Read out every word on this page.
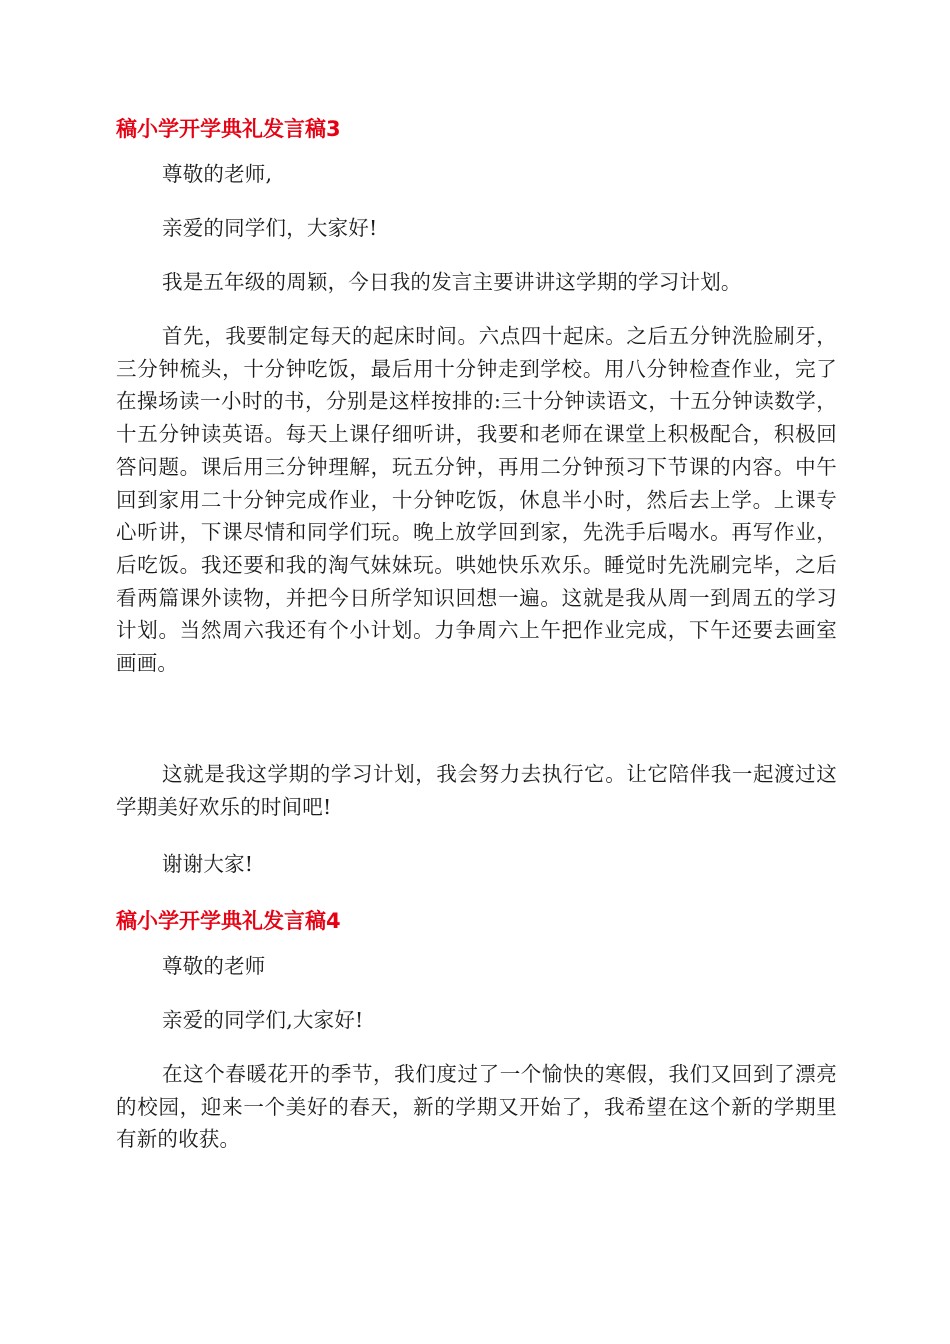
稿小学开学典礼发言稿3
尊敬的老师,
亲爱的同学们，大家好!
我是五年级的周颖，今日我的发言主要讲讲这学期的学习计划。
首先，我要制定每天的起床时间。六点四十起床。之后五分钟洗脸刷牙，三分钟梳头，十分钟吃饭，最后用十分钟走到学校。用八分钟检查作业，完了在操场读一小时的书，分别是这样按排的:三十分钟读语文，十五分钟读数学，十五分钟读英语。每天上课仔细听讲，我要和老师在课堂上积极配合，积极回答问题。课后用三分钟理解，玩五分钟，再用二分钟预习下节课的内容。中午回到家用二十分钟完成作业，十分钟吃饭，休息半小时，然后去上学。上课专心听讲，下课尽情和同学们玩。晚上放学回到家，先洗手后喝水。再写作业，后吃饭。我还要和我的淘气妹妹玩。哄她快乐欢乐。睡觉时先洗刷完毕，之后看两篇课外读物，并把今日所学知识回想一遍。这就是我从周一到周五的学习计划。当然周六我还有个小计划。力争周六上午把作业完成，下午还要去画室画画。
这就是我这学期的学习计划，我会努力去执行它。让它陪伴我一起渡过这学期美好欢乐的时间吧!
谢谢大家!
稿小学开学典礼发言稿4
尊敬的老师
亲爱的同学们,大家好!
在这个春暖花开的季节，我们度过了一个愉快的寒假，我们又回到了漂亮的校园，迎来一个美好的春天，新的学期又开始了，我希望在这个新的学期里有新的收获。
